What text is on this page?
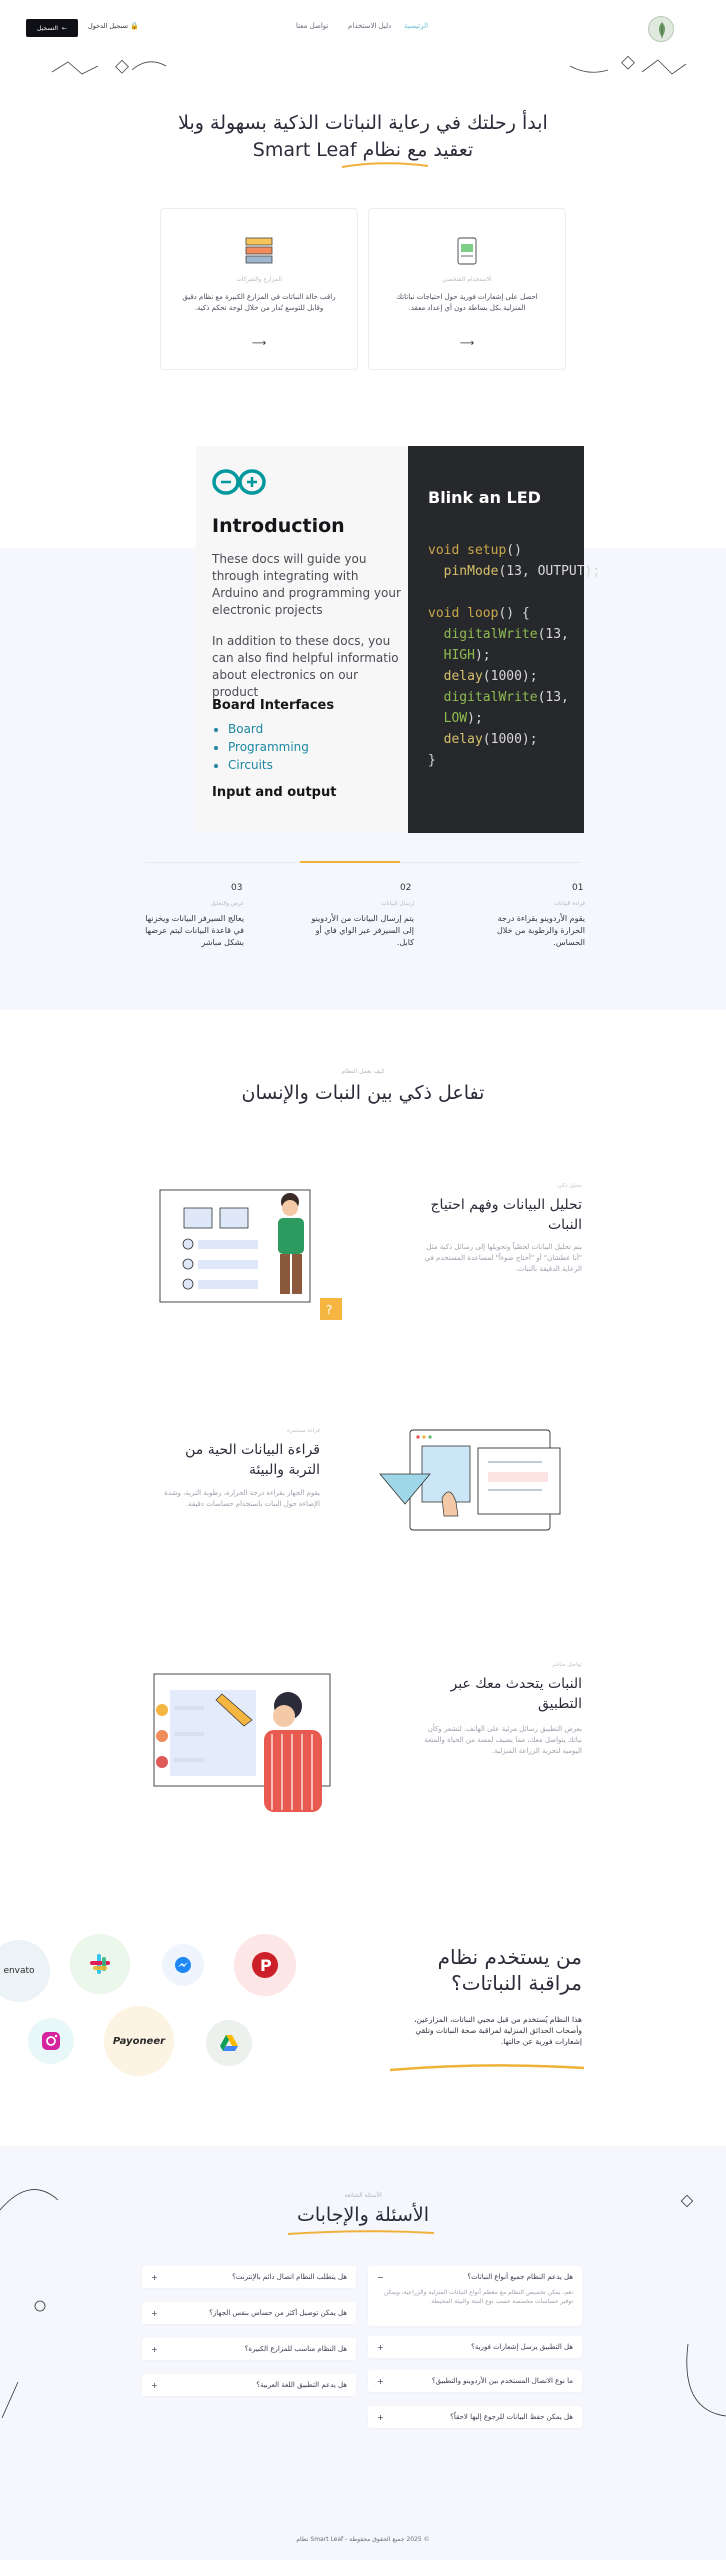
الرئيسية
دليل الاستخدام
تواصل معنا
تسجيل الدخول 🔒
التسجيل ←
ابدأ رحلتك في رعاية النباتات الذكية بسهولة وبلا
تعقيد مع نظام Smart Leaf
الاستخدام الشخصي
احصل على إشعارات فورية حول احتياجات نباتاتك المنزلية بكل بساطة دون أي إعداد معقد.
⟶
المزارع والشركات
راقب حالة النباتات في المزارع الكبيرة مع نظام دقيق وقابل للتوسع تُدار من خلال لوحة تحكم ذكية.
⟶
Introduction
These docs will guide you through integrating with Arduino and programming your electronic projects
In addition to these docs, you can also find helpful informatio about electronics on our product
Board Interfaces
• Board
• Programming
• Circuits
Input and output
Blink an LED
void setup()
pinMode(13, OUTPUT);

void loop() {
digitalWrite(13,
HIGH);
delay(1000);
digitalWrite(13,
LOW);
delay(1000);
}
01
قراءة البيانات
يقوم الأردوينو بقراءة درجة الحرارة والرطوبة من خلال الحساس.
02
إرسال البيانات
يتم إرسال البيانات من الأردوينو إلى السيرفر عبر الواي فاي أو كابل.
03
عرض والتحليل
يعالج السيرفر البيانات ويخزنها في قاعدة البيانات ليتم عرضها بشكل مباشر
كيف يعمل النظام
تفاعل ذكي بين النبات والإنسان
تحليل ذكي
تحليل البيانات وفهم احتياج النبات
يتم تحليل البيانات لحظياً وتحويلها إلى رسائل ذكية مثل "أنا عطشان" أو "أحتاج ضوءاً" لمساعدة المستخدم في الرعاية الدقيقة بالنبات.
?
قراءة مستمرة
قراءة البيانات الحية من التربة والبيئة
يقوم الجهاز بقراءة درجة الحرارة، رطوبة التربة، وشدة الإضاءة حول النبات باستخدام حساسات دقيقة.
تواصل مباشر
النبات يتحدث معك عبر التطبيق
يعرض التطبيق رسائل مرئية على الهاتف، لتشعر وكأن نباتك يتواصل معك، مما يضيف لمسة من الحياة والمتعة اليومية لتجربة الزراعة المنزلية.
من يستخدم نظام مراقبة النباتات؟
هذا النظام يُستخدم من قبل محبي النباتات، المزارعين، وأصحاب الحدائق المنزلية لمراقبة صحة النباتات وتلقي إشعارات فورية عن حالتها.
envato	P
Payoneer
الأسئلة الشائعة
الأسئلة والإجابات
هل يدعم النظام جميع أنواع النباتات؟
−
نعم، يمكن تخصيص النظام مع معظم أنواع النباتات المنزلية والزراعية، ويمكن توفير حساسات مخصصة حسب نوع النبتة والبيئة المحيطة.
هل التطبيق يرسل إشعارات فورية؟
+
ما نوع الاتصال المستخدم بين الأردوينو والتطبيق؟
+
هل يمكن حفظ البيانات للرجوع إليها لاحقاً؟
+
هل يتطلب النظام اتصال دائم بالإنترنت؟
+
هل يمكن توصيل أكثر من حساس بنفس الجهاز؟
+
هل النظام مناسب للمزارع الكبيرة؟
+
هل يدعم التطبيق اللغة العربية؟
+
© 2025 جميع الحقوق محفوظة - Smart Leaf نظام
